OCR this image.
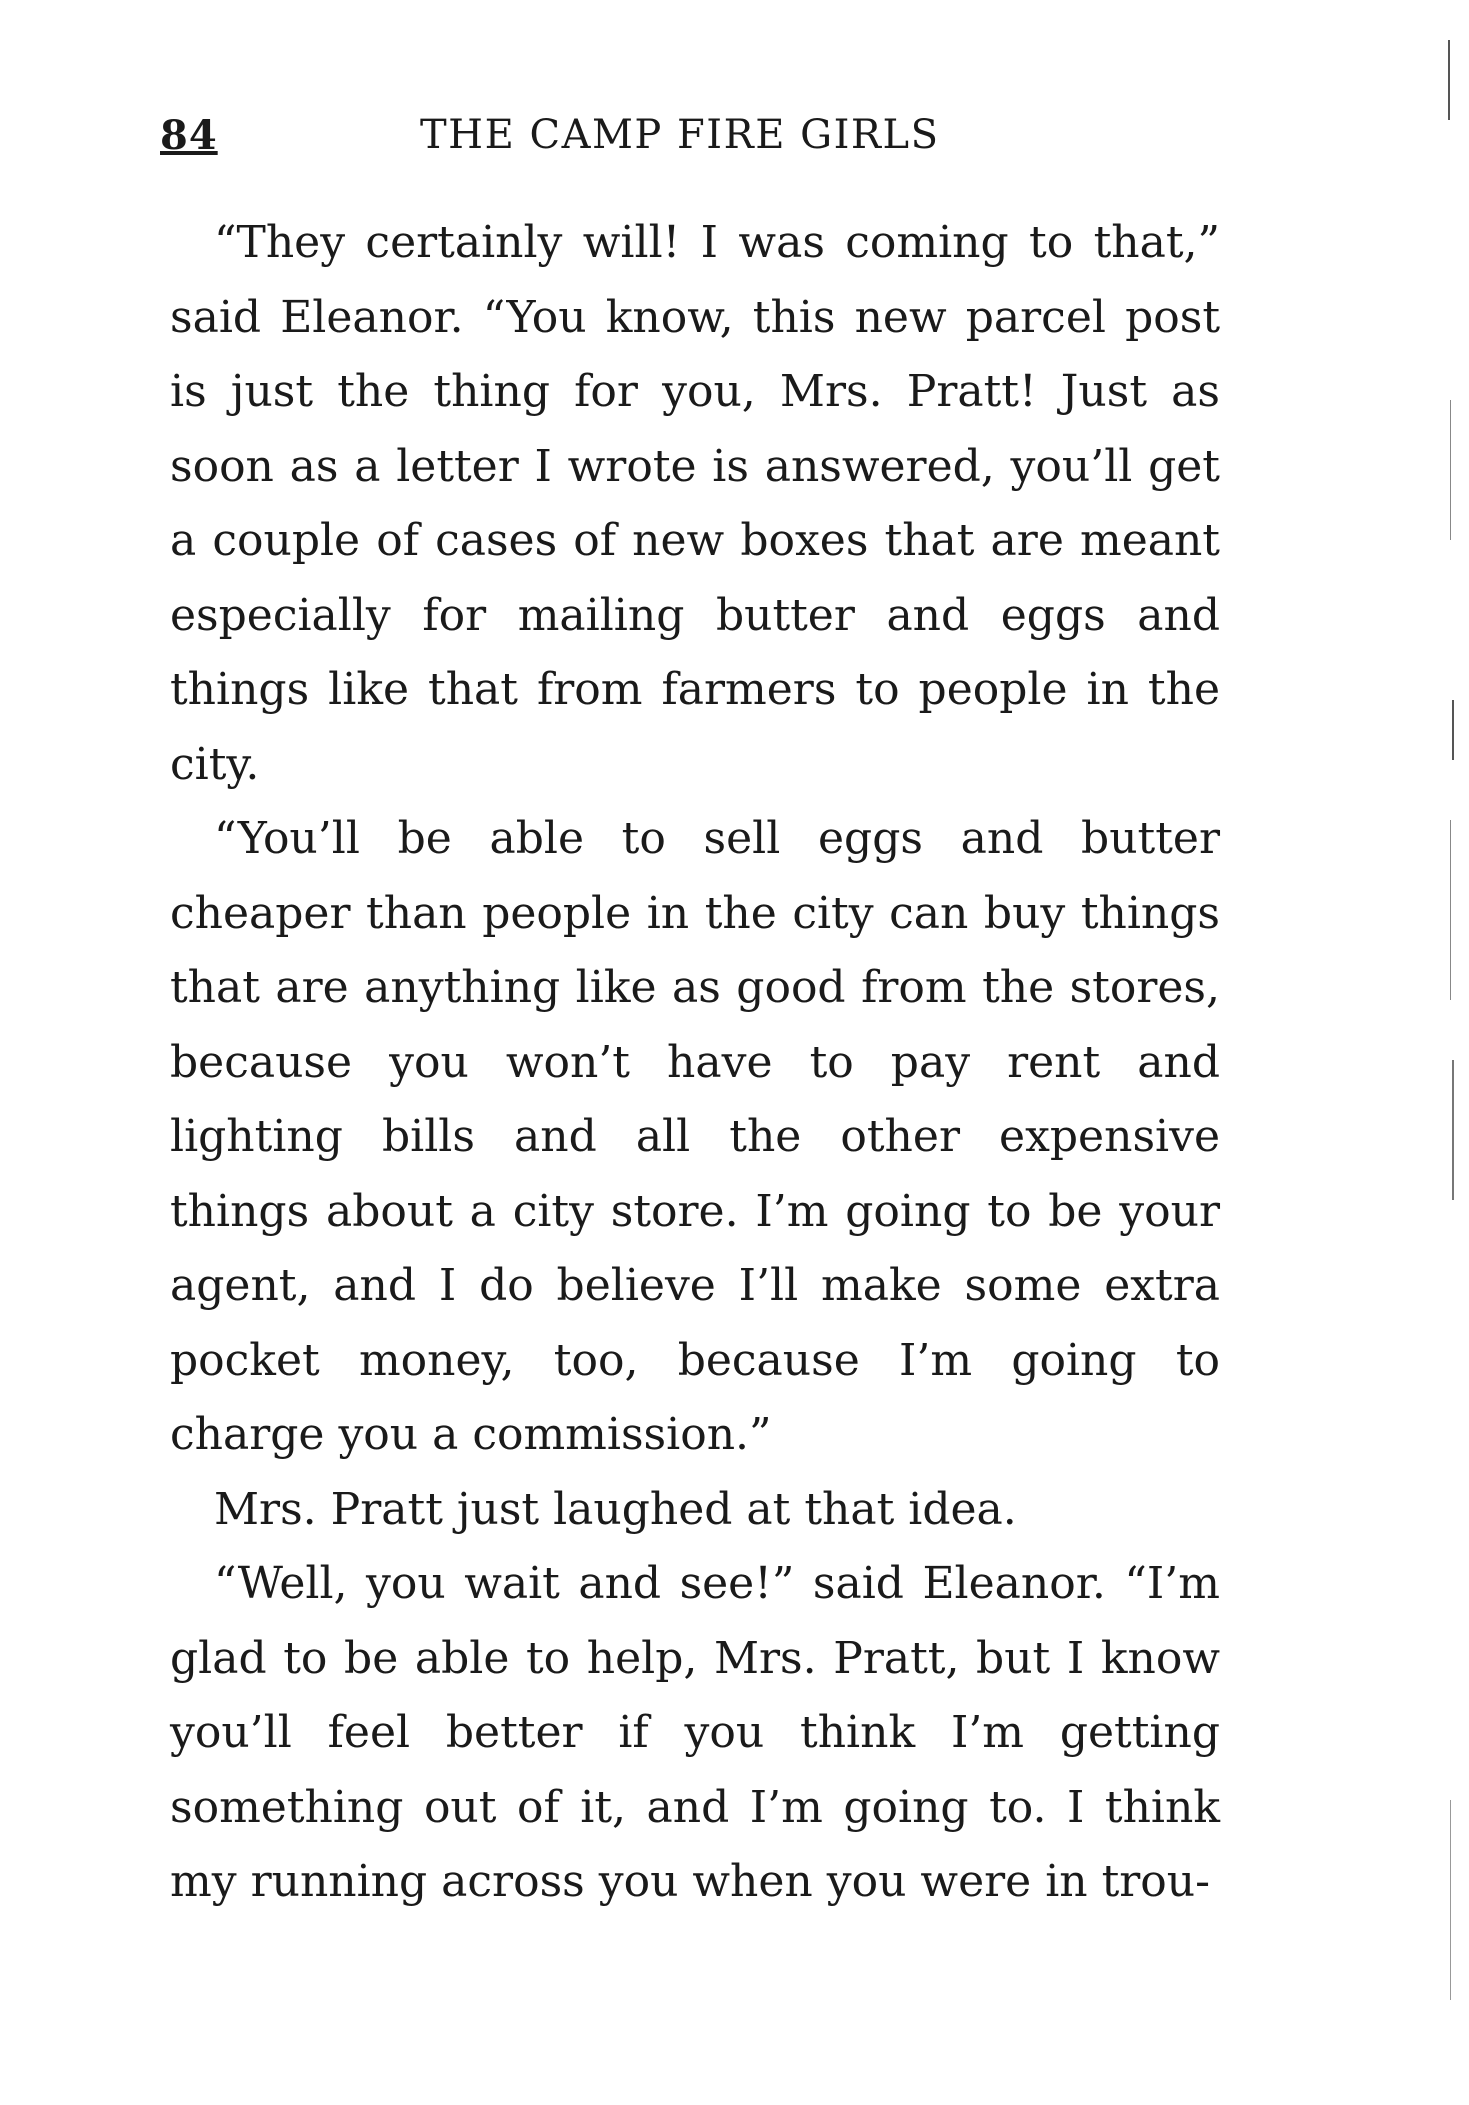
84	THE CAMP FIRE GIRLS

“They certainly will! I was coming to that,” said Eleanor. “You know, this new parcel post is just the thing for you, Mrs. Pratt! Just as soon as a letter I wrote is answered, you’ll get a couple of cases of new boxes that are meant especially for mailing butter and eggs and things like that from farmers to people in the city.

“You’ll be able to sell eggs and butter cheaper than people in the city can buy things that are anything like as good from the stores, because you won’t have to pay rent and lighting bills and all the other expensive things about a city store. I’m going to be your agent, and I do believe I’ll make some extra pocket money, too, because I’m going to charge you a commission.”

Mrs. Pratt just laughed at that idea.

“Well, you wait and see!” said Eleanor. “I’m glad to be able to help, Mrs. Pratt, but I know you’ll feel better if you think I’m getting something out of it, and I’m going to. I think my running across you when you were in trou-
